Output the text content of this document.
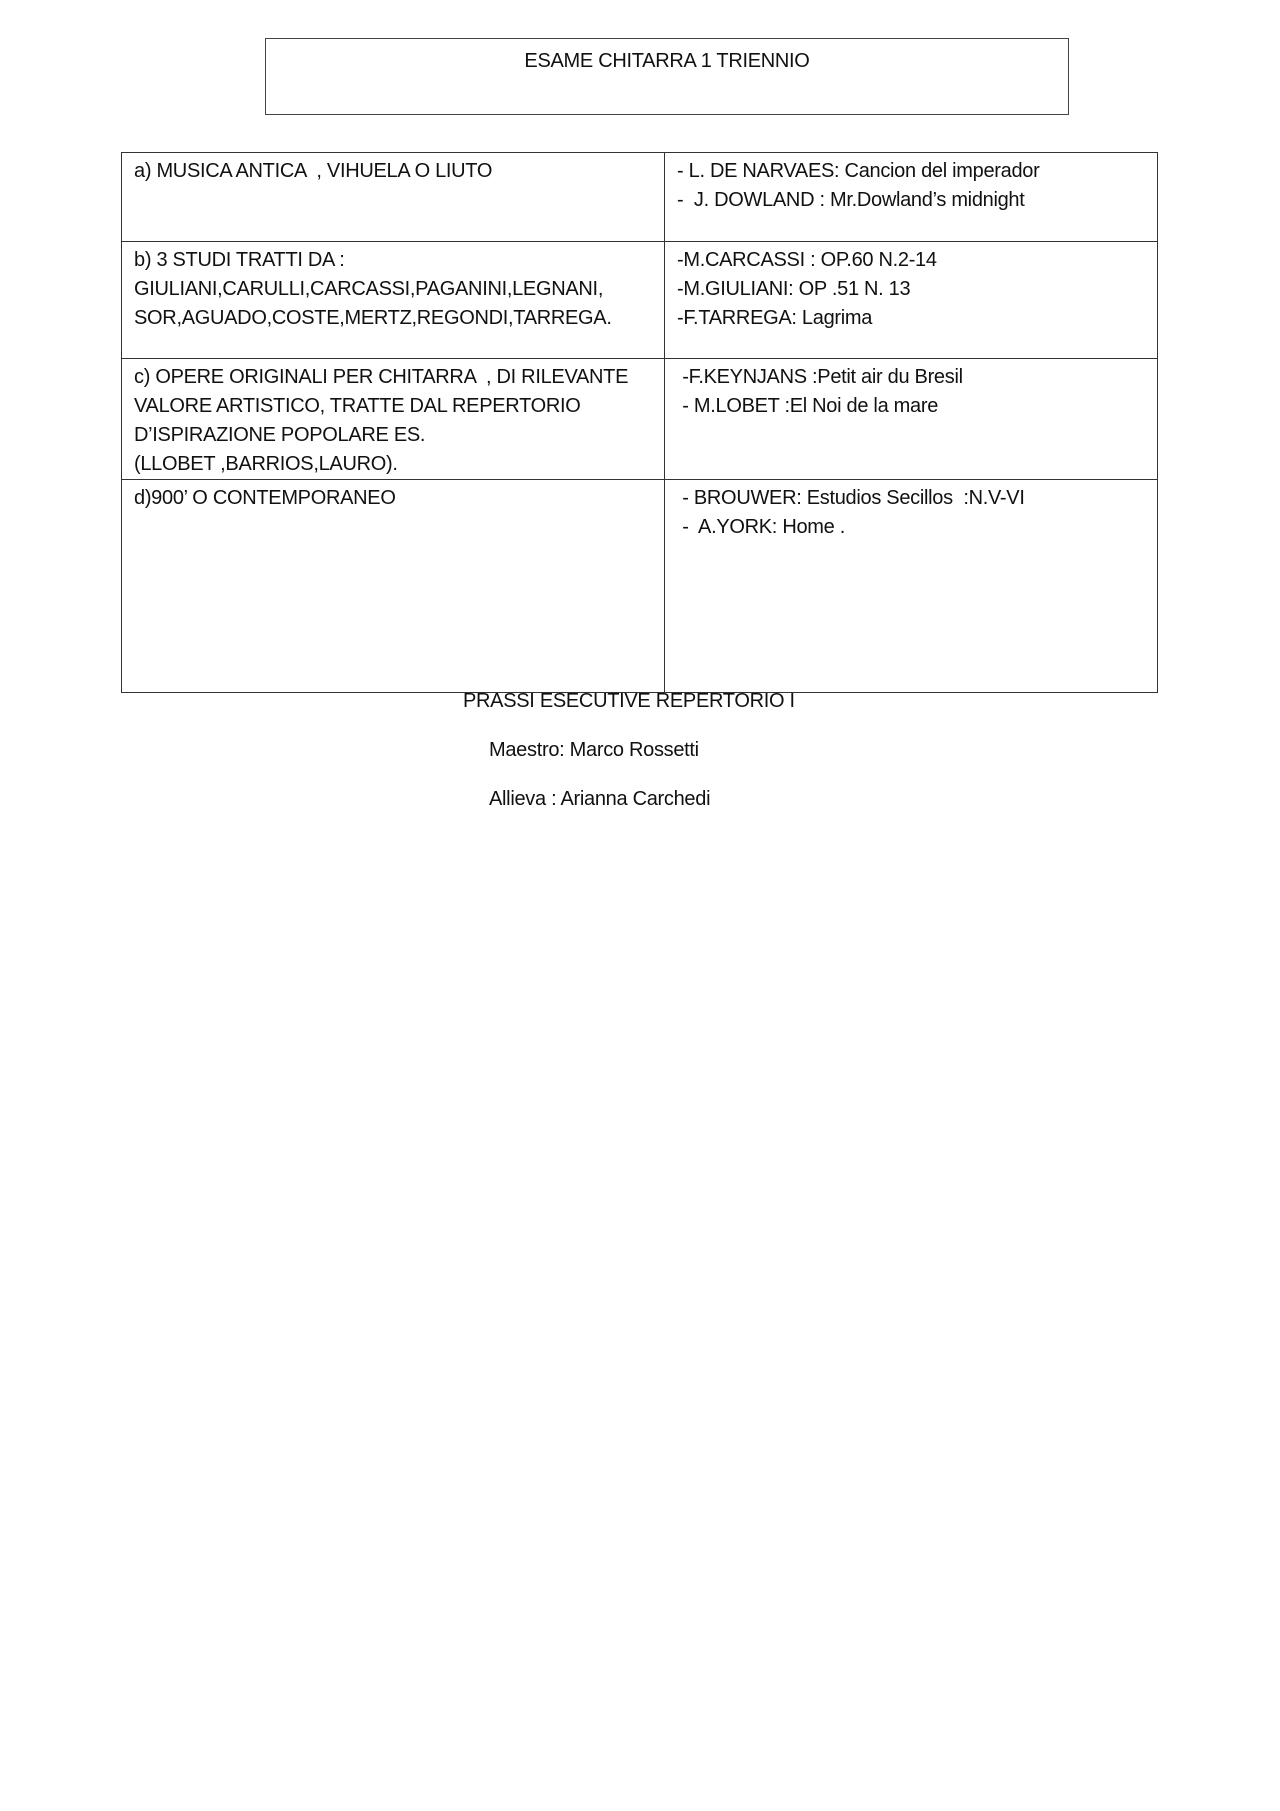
ESAME CHITARRA 1 TRIENNIO
a) MUSICA ANTICA  , VIHUELA O LIUTO	- L. DE NARVAES: Cancion del imperador
-  J. DOWLAND : Mr.Dowland’s midnight

b) 3 STUDI TRATTI DA :
GIULIANI,CARULLI,CARCASSI,PAGANINI,LEGNANI,
SOR,AGUADO,COSTE,MERTZ,REGONDI,TARREGA.	-M.CARCASSI : OP.60 N.2-14
-M.GIULIANI: OP .51 N. 13
-F.TARREGA: Lagrima

c) OPERE ORIGINALI PER CHITARRA  , DI RILEVANTE
VALORE ARTISTICO, TRATTE DAL REPERTORIO
D’ISPIRAZIONE POPOLARE ES.
(LLOBET ,BARRIOS,LAURO).	-F.KEYNJANS :Petit air du Bresil
- M.LOBET :El Noi de la mare

d)900’ O CONTEMPORANEO	- BROUWER: Estudios Secillos  :N.V-VI
-  A.YORK: Home .
PRASSI ESECUTIVE REPERTORIO I
Maestro: Marco Rossetti
Allieva : Arianna Carchedi
